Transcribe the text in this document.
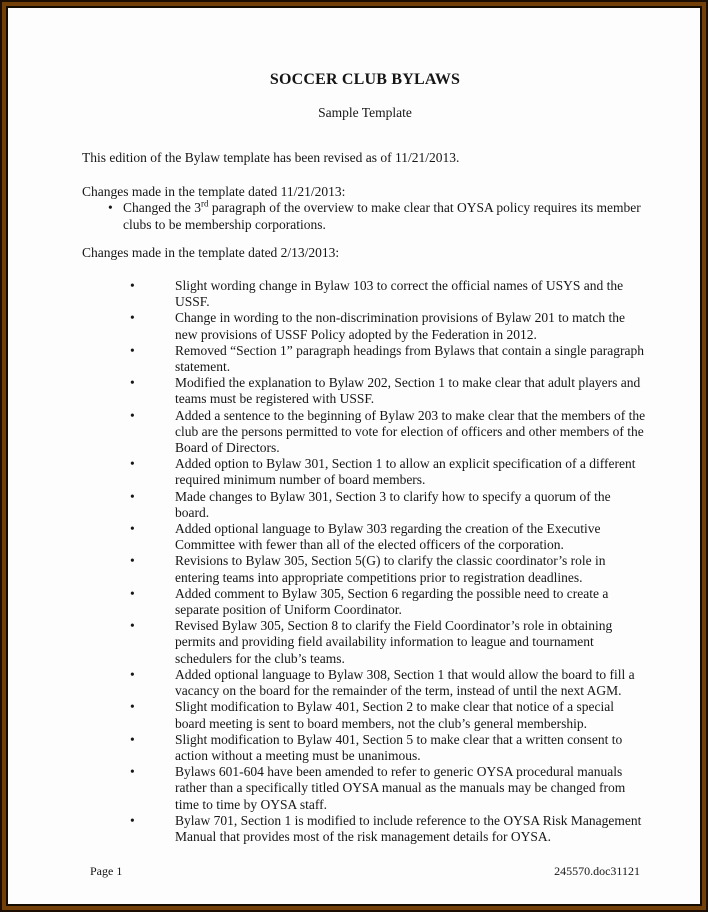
SOCCER CLUB BYLAWS
Sample Template

This edition of the Bylaw template has been revised as of 11/21/2013.

Changes made in the template dated 11/21/2013:

• Changed the 3rd paragraph of the overview to make clear that OYSA policy requires its member clubs to be membership corporations.

Changes made in the template dated 2/13/2013:

• Slight wording change in Bylaw 103 to correct the official names of USYS and the USSF.
• Change in wording to the non-discrimination provisions of Bylaw 201 to match the new provisions of USSF Policy adopted by the Federation in 2012.
• Removed “Section 1” paragraph headings from Bylaws that contain a single paragraph statement.
• Modified the explanation to Bylaw 202, Section 1 to make clear that adult players and teams must be registered with USSF.
• Added a sentence to the beginning of Bylaw 203 to make clear that the members of the club are the persons permitted to vote for election of officers and other members of the Board of Directors.
• Added option to Bylaw 301, Section 1 to allow an explicit specification of a different required minimum number of board members.
• Made changes to Bylaw 301, Section 3 to clarify how to specify a quorum of the board.
• Added optional language to Bylaw 303 regarding the creation of the Executive Committee with fewer than all of the elected officers of the corporation.
• Revisions to Bylaw 305, Section 5(G) to clarify the classic coordinator’s role in entering teams into appropriate competitions prior to registration deadlines.
• Added comment to Bylaw 305, Section 6 regarding the possible need to create a separate position of Uniform Coordinator.
• Revised Bylaw 305, Section 8 to clarify the Field Coordinator’s role in obtaining permits and providing field availability information to league and tournament schedulers for the club’s teams.
• Added optional language to Bylaw 308, Section 1 that would allow the board to fill a vacancy on the board for the remainder of the term, instead of until the next AGM.
• Slight modification to Bylaw 401, Section 2 to make clear that notice of a special board meeting is sent to board members, not the club’s general membership.
• Slight modification to Bylaw 401, Section 5 to make clear that a written consent to action without a meeting must be unanimous.
• Bylaws 601-604 have been amended to refer to generic OYSA procedural manuals rather than a specifically titled OYSA manual as the manuals may be changed from time to time by OYSA staff.
• Bylaw 701, Section 1 is modified to include reference to the OYSA Risk Management Manual that provides most of the risk management details for OYSA.
Page 1	245570.doc31121
